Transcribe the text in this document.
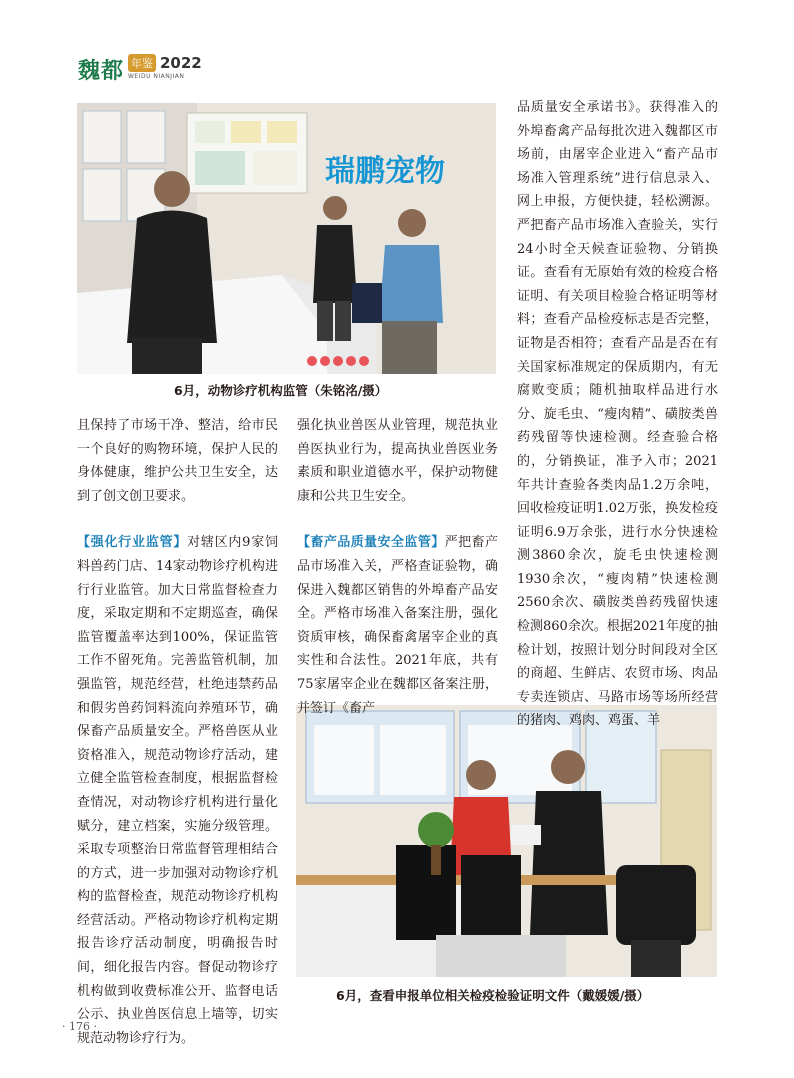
魏都 年鉴 2022
WEIDU NIANJIAN
瑞鹏宠物
6月，动物诊疗机构监管（朱铭洺/摄）
6月，查看申报单位相关检疫检验证明文件（戴媛媛/摄）

且保持了市场干净、整洁，给市民一个良好的购物环境，保护人民的身体健康，维护公共卫生安全，达到了创文创卫要求。

【强化行业监管】对辖区内9家饲料兽药门店、14家动物诊疗机构进行行业监管。加大日常监督检查力度，采取定期和不定期巡查，确保监管覆盖率达到100%，保证监管工作不留死角。完善监管机制，加强监管，规范经营，杜绝违禁药品和假劣兽药饲料流向养殖环节，确保畜产品质量安全。严格兽医从业资格准入，规范动物诊疗活动，建立健全监管检查制度，根据监督检查情况，对动物诊疗机构进行量化赋分，建立档案，实施分级管理。采取专项整治日常监督管理相结合的方式，进一步加强对动物诊疗机构的监督检查，规范动物诊疗机构经营活动。严格动物诊疗机构定期报告诊疗活动制度，明确报告时间，细化报告内容。督促动物诊疗机构做到收费标准公开、监督电话公示、执业兽医信息上墙等，切实规范动物诊疗行为。

强化执业兽医从业管理，规范执业兽医执业行为，提高执业兽医业务素质和职业道德水平，保护动物健康和公共卫生安全。

【畜产品质量安全监管】严把畜产品市场准入关，严格查证验物，确保进入魏都区销售的外埠畜产品安全。严格市场准入备案注册，强化资质审核，确保畜禽屠宰企业的真实性和合法性。2021年底，共有75家屠宰企业在魏都区备案注册，并签订《畜产

品质量安全承诺书》。获得准入的外埠畜禽产品每批次进入魏都区市场前，由屠宰企业进入“畜产品市场准入管理系统”进行信息录入、网上申报，方便快捷，轻松溯源。严把畜产品市场准入查验关，实行24小时全天候查证验物、分销换证。查看有无原始有效的检疫合格证明、有关项目检验合格证明等材料；查看产品检疫标志是否完整，证物是否相符；查看产品是否在有关国家标准规定的保质期内，有无腐败变质；随机抽取样品进行水分、旋毛虫、“瘦肉精”、磺胺类兽药残留等快速检测。经查验合格的，分销换证，准予入市；2021年共计查验各类肉品1.2万余吨，回收检疫证明1.02万张，换发检疫证明6.9万余张，进行水分快速检测3860余次，旋毛虫快速检测1930余次，“瘦肉精”快速检测2560余次、磺胺类兽药残留快速检测860余次。根据2021年度的抽检计划，按照计划分时间段对全区的商超、生鲜店、农贸市场、肉品专卖连锁店、马路市场等场所经营的猪肉、鸡肉、鸡蛋、羊

· 176 ·
